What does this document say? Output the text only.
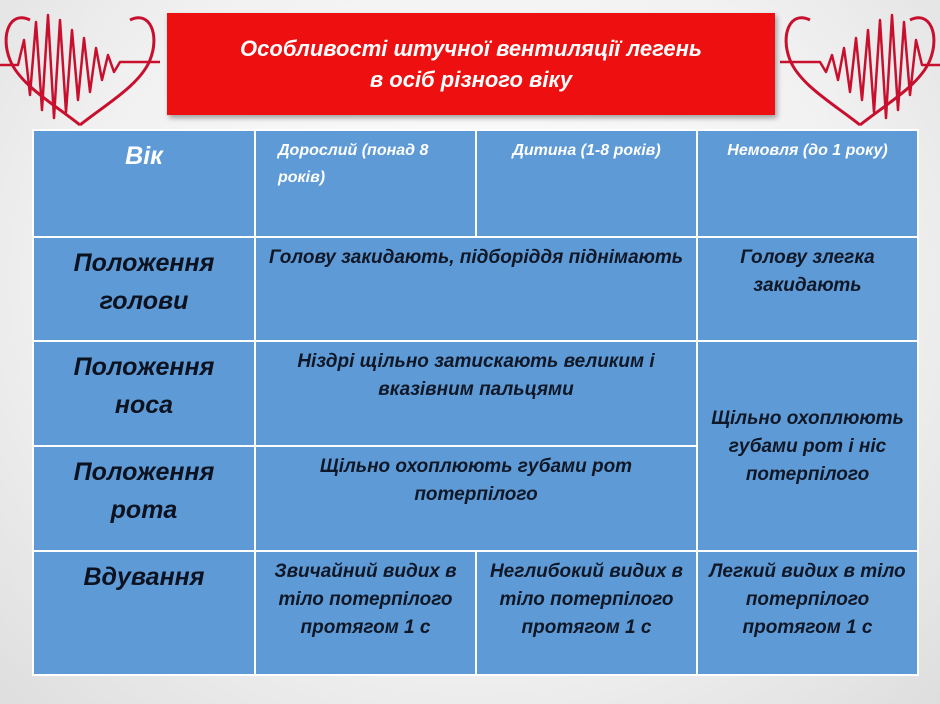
Особливості штучної вентиляції легень
в осіб різного віку
Вік	Дорослий (понад 8 років)	Дитина (1-8 років)	Немовля (до 1 року)
Положення голови	Голову закидають, підборіддя піднімають		Голову злегка закидають
Положення носа	Ніздрі щільно затискають великим і вказівним пальцями		Щільно охоплюють губами рот і ніс потерпілого
Положення рота	Щільно охоплюють губами рот потерпілого		
Вдування	Звичайний видих в тіло потерпілого протягом 1 с	Неглибокий видих в тіло потерпілого протягом 1 с	Легкий видих в тіло потерпілого протягом 1 с
